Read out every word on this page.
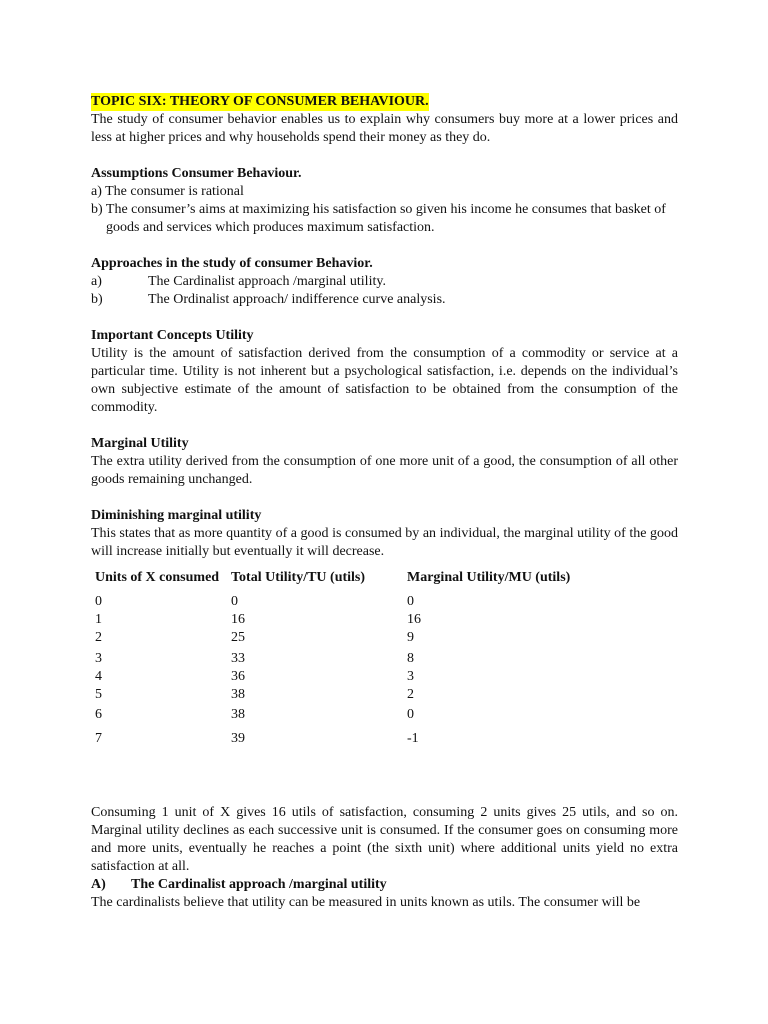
TOPIC SIX: THEORY OF CONSUMER BEHAVIOUR.

The study of consumer behavior enables us to explain why consumers buy more at a lower prices and less at higher prices and why households spend their money as they do.

Assumptions Consumer Behaviour.

a) The consumer is rational

b) The consumer’s aims at maximizing his satisfaction so given his income he consumes that basket of goods and services which produces maximum satisfaction.

Approaches in the study of consumer Behavior.

a)	The Cardinalist approach /marginal utility.
b)	The Ordinalist approach/ indifference curve analysis.

Important Concepts Utility

Utility is the amount of satisfaction derived from the consumption of a commodity or service at a particular time. Utility is not inherent but a psychological satisfaction, i.e. depends on the individual’s own subjective estimate of the amount of satisfaction to be obtained from the consumption of the commodity.

Marginal Utility

The extra utility derived from the consumption of one more unit of a good, the consumption of all other goods remaining unchanged.

Diminishing marginal utility

This states that as more quantity of a good is consumed by an individual, the marginal utility of the good will increase initially but eventually it will decrease.

Units of X consumed	Total Utility/TU (utils)	Marginal Utility/MU (utils)
0	0	0
1	16	16
2	25	9
3	33	8
4	36	3
5	38	2
6	38	0
7	39	-1

Consuming 1 unit of X gives 16 utils of satisfaction, consuming 2 units gives 25 utils, and so on. Marginal utility declines as each successive unit is consumed. If the consumer goes on consuming more and more units, eventually he reaches a point (the sixth unit) where additional units yield no extra satisfaction at all.

A)	The Cardinalist approach /marginal utility

The cardinalists believe that utility can be measured in units known as utils. The consumer will be
